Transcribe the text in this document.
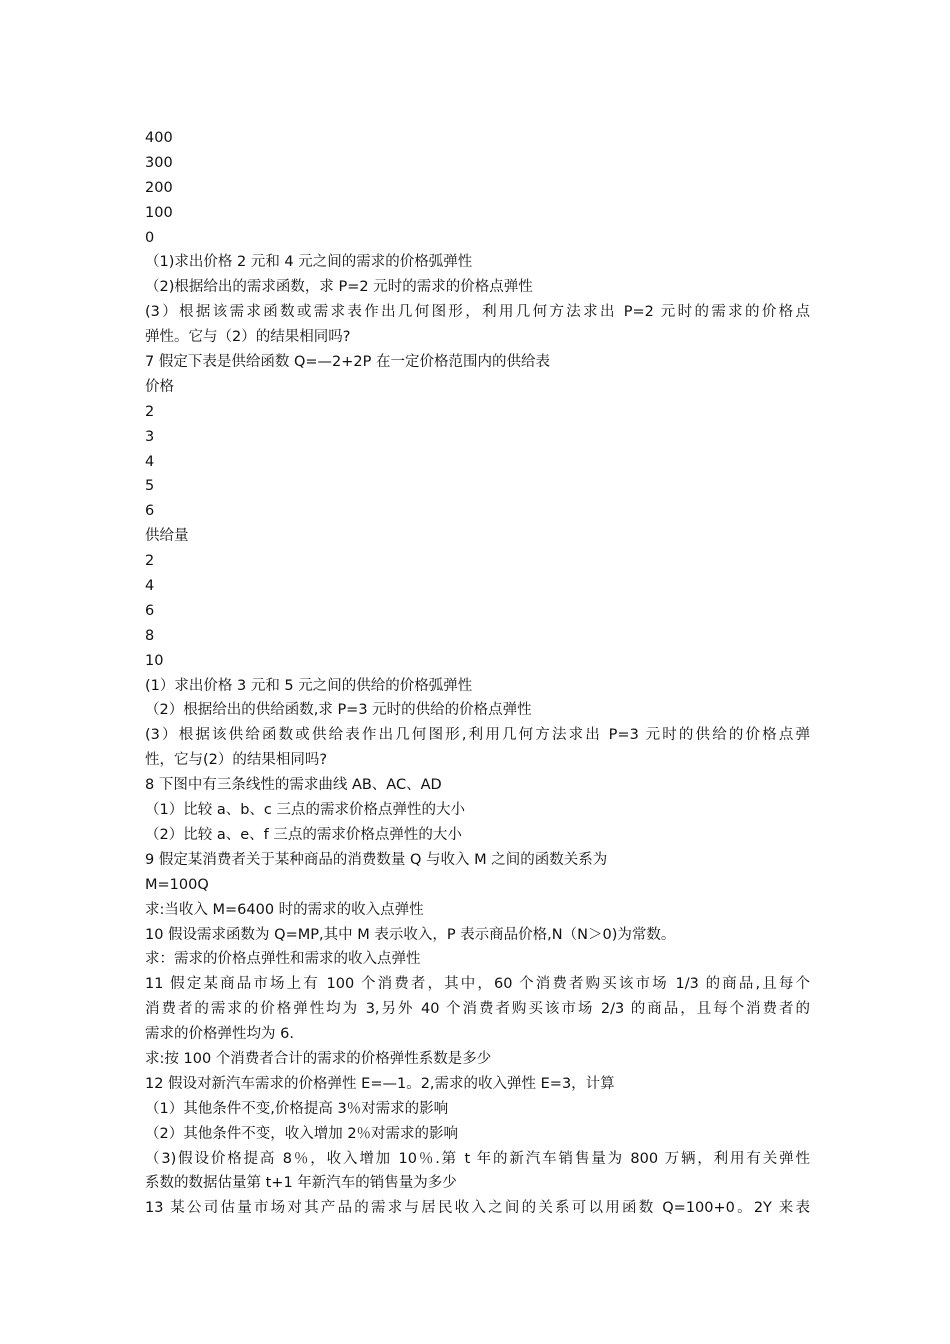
400
300
200
100
0
（1)求出价格 2 元和 4 元之间的需求的价格弧弹性
（2)根据给出的需求函数，求 P=2 元时的需求的价格点弹性
(3）根据该需求函数或需求表作出几何图形，利用几何方法求出 P=2 元时的需求的价格点
弹性。它与（2）的结果相同吗?
7 假定下表是供给函数 Q=—2+2P 在一定价格范围内的供给表
价格
2
3
4
5
6
供给量
2
4
6
8
10
(1）求出价格 3 元和 5 元之间的供给的价格弧弹性
（2）根据给出的供给函数,求 P=3 元时的供给的价格点弹性
(3）根据该供给函数或供给表作出几何图形,利用几何方法求出 P=3 元时的供给的价格点弹
性，它与(2）的结果相同吗?
8 下图中有三条线性的需求曲线 AB、AC、AD
（1）比较 a、b、c 三点的需求价格点弹性的大小
（2）比较 a、e、f 三点的需求价格点弹性的大小
9 假定某消费者关于某种商品的消费数量 Q 与收入 M 之间的函数关系为
M=100Q
求:当收入 M=6400 时的需求的收入点弹性
10 假设需求函数为 Q=MP,其中 M 表示收入，P 表示商品价格,N（N＞0)为常数。
求：需求的价格点弹性和需求的收入点弹性
11 假定某商品市场上有 100 个消费者，其中，60 个消费者购买该市场 1/3 的商品,且每个
消费者的需求的价格弹性均为 3,另外 40 个消费者购买该市场 2/3 的商品，且每个消费者的
需求的价格弹性均为 6.
求:按 100 个消费者合计的需求的价格弹性系数是多少
12 假设对新汽车需求的价格弹性 E=—1。2,需求的收入弹性 E=3，计算
（1）其他条件不变,价格提高 3％对需求的影响
（2）其他条件不变，收入增加 2％对需求的影响
（3)假设价格提高 8％，收入增加 10％.第 t 年的新汽车销售量为 800 万辆，利用有关弹性
系数的数据估量第 t+1 年新汽车的销售量为多少
13 某公司估量市场对其产品的需求与居民收入之间的关系可以用函数 Q=100+0。2Y 来表
